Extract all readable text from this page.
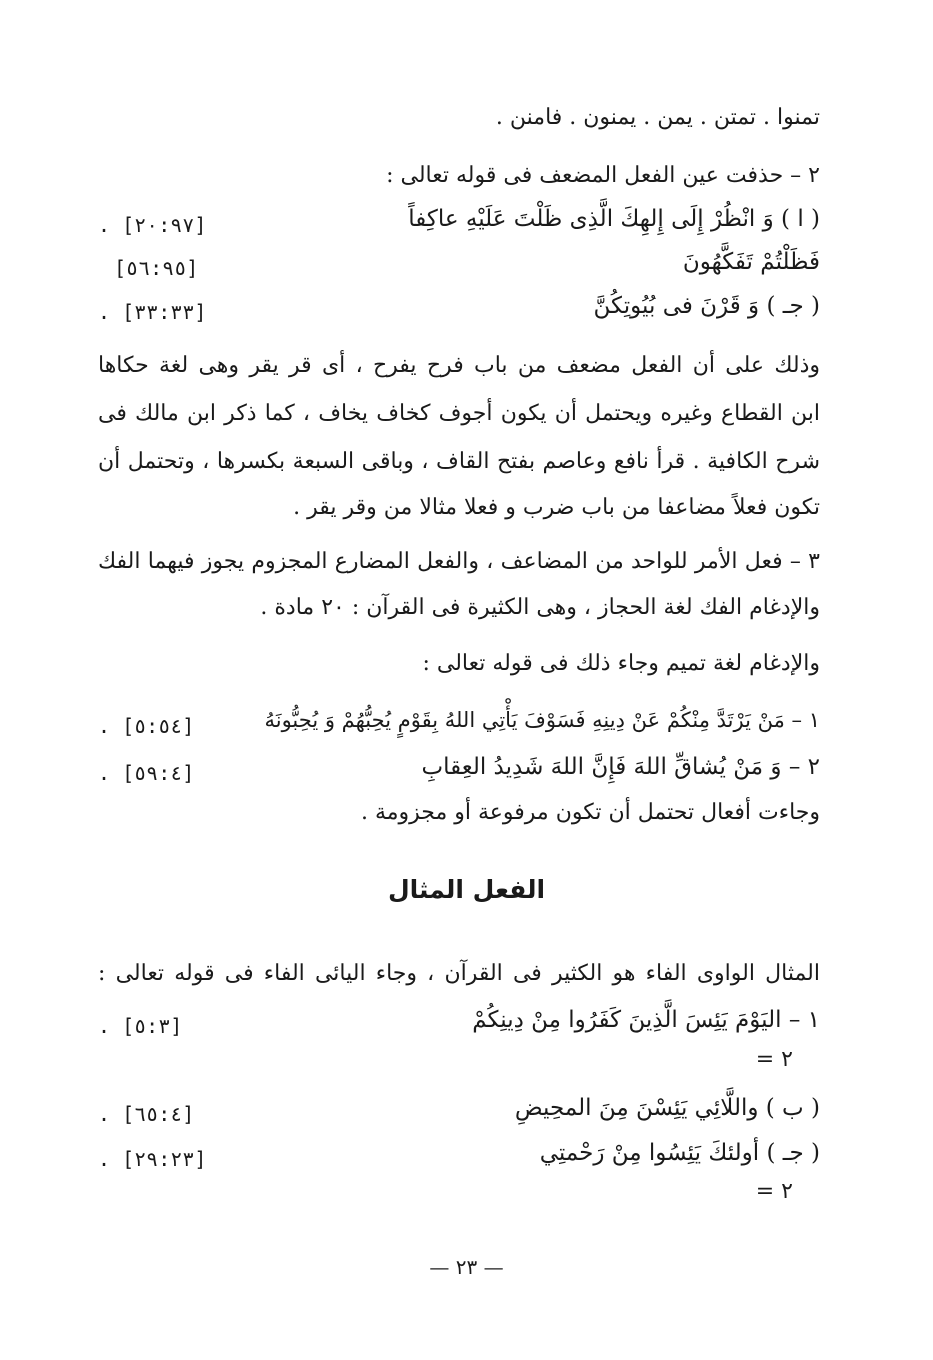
تمنوا . تمتن . يمن . يمنون . فامنن .
٢ – حذفت عين الفعل المضعف فى قوله تعالى :
( ا ) وَ انْظُرْ إِلَى إِلهِكَ الَّذِى ظَلْتَ عَلَيْهِ عاكِفاً
. [٢٠:٩٧]
فَظَلْتُمْ تَفَكَّهُونَ
[٥٦:٩٥]
( جـ ) وَ قَرْنَ فى بُيُوتِكُنَّ
. [٣٣:٣٣]
وذلك على أن الفعل مضعف من باب فرح يفرح ، أى قر يقر وهى لغة حكاها
ابن القطاع وغيره ويحتمل أن يكون أجوف كخاف يخاف ، كما ذكر ابن مالك فى
شرح الكافية . قرأ نافع وعاصم بفتح القاف ، وباقى السبعة بكسرها ، وتحتمل أن
تكون فعلاً مضاعفا من باب ضرب و فعلا مثالا من وقر يقر .
٣ – فعل الأمر للواحد من المضاعف ، والفعل المضارع المجزوم يجوز فيهما الفك
والإدغام الفك لغة الحجاز ، وهى الكثيرة فى القرآن : ٢٠ مادة .
والإدغام لغة تميم وجاء ذلك فى قوله تعالى :
١ – مَنْ يَرْتَدَّ مِنْكُمْ عَنْ دِينِهِ فَسَوْفَ يَأْتِي اللهُ بِقَوْمٍ يُحِبُّهُمْ وَ يُحِبُّونَهُ
. [٥:٥٤]
٢ – وَ مَنْ يُشاقِّ اللهَ فَإِنَّ اللهَ شَدِيدُ العِقابِ
. [٥٩:٤]
وجاءت أفعال تحتمل أن تكون مرفوعة أو مجزومة .
الفعل المثال
المثال الواوى الفاء هو الكثير فى القرآن ، وجاء اليائى الفاء فى قوله تعالى :
١ – اليَوْمَ يَئِسَ الَّذِينَ كَفَرُوا مِنْ دِينِكُمْ
. [٥:٣]
٢ =
( ب ) واللَّائِي يَئِسْنَ مِنَ المحِيضِ
. [٦٥:٤]
( جـ ) أولئكَ يَئِسُوا مِنْ رَحْمتِي
. [٢٩:٢٣]
٢ =
— ٢٣ —
